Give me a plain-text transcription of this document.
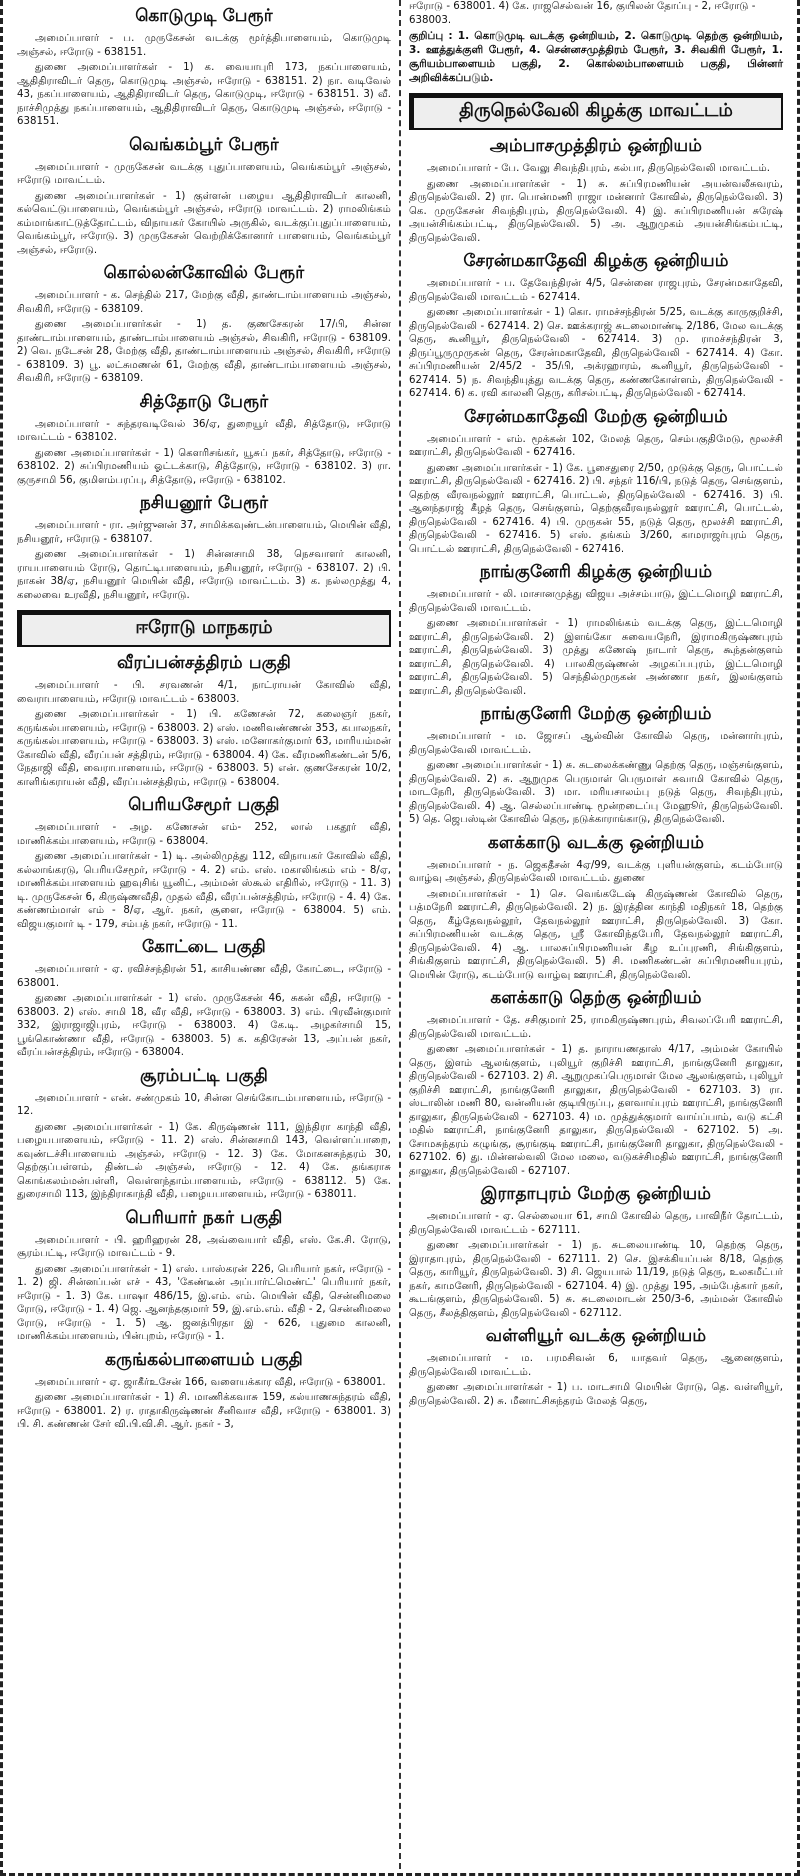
கொடுமுடி பேரூர்

அமைப்பாளர் - ப. முருகேசன் வடக்கு மூர்த்திபாளையம், கொடுமுடி அஞ்சல், ஈரோடு - 638151.

துணை அமைப்பாளர்கள் - 1) க. வையாபுரி 173, நகப்பாளையம், ஆதிதிராவிடர் தெரு, கொடுமுடி அஞ்சல், ஈரோடு - 638151. 2) நா. வடிவேல் 43, நகப்பாளையம், ஆதிதிராவிடர் தெரு, கொடுமுடி, ஈரோடு - 638151. 3) வீ. நாச்சிமுத்து நகப்பாளையம், ஆதிதிராவிடர் தெரு, கொடுமுடி அஞ்சல், ஈரோடு - 638151.

வெங்கம்பூர் பேரூர்

அமைப்பாளர் - முருகேசன் வடக்கு புதுப்பாளையம், வெங்கம்பூர் அஞ்சல், ஈரோடு மாவட்டம்.

துணை அமைப்பாளர்கள் - 1) குள்ளன் பழைய ஆதிதிராவிடர் காலனி, கல்வெட்டுபாளையம், வெங்கம்பூர் அஞ்சல், ஈரோடு மாவட்டம். 2) ராமலிங்கம் கம்மாங்காட்டுத்தோட்டம், விநாயகர் கோயில் அருகில், வடக்குப்புதுப்பாளையம், வெங்கம்பூர், ஈரோடு. 3) முருகேசன் வெற்றிக்கோனார் பாளையம், வெங்கம்பூர் அஞ்சல், ஈரோடு.

கொல்லன்கோவில் பேரூர்

அமைப்பாளர் - க. செந்தில் 217, மேற்கு வீதி, தாண்டாம்பாளையம் அஞ்சல், சிவகிரி, ஈரோடு - 638109.

துணை அமைப்பாளர்கள் - 1) த. குணசேகரன் 17/பி, சின்ன தாண்டாம்பாளையம், தாண்டாம்பாளையம் அஞ்சல், சிவகிரி, ஈரோடு - 638109. 2) வெ. நடேசன் 28, மேற்கு வீதி, தாண்டாம்பாளையம் அஞ்சல், சிவகிரி, ஈரோடு - 638109. 3) பூ. லட்சுமணன் 61, மேற்கு வீதி, தாண்டாம்பாளையம் அஞ்சல், சிவகிரி, ஈரோடு - 638109.

சித்தோடு பேரூர்

அமைப்பாளர் - சுந்தரவடிவேல் 36/ஏ, துறையூர் வீதி, சித்தோடு, ஈரோடு மாவட்டம் - 638102.

துணை அமைப்பாளர்கள் - 1) கௌரிசங்கர், யூசுப் நகர், சித்தோடு, ஈரோடு - 638102. 2) சுப்பிரமணியம் ஓட்டக்காடு, சித்தோடு, ஈரோடு - 638102. 3) ரா. குருசாமி 56, குமிளம்பரப்பு, சித்தோடு, ஈரோடு - 638102.

நசியனூர் பேரூர்

அமைப்பாளர் - ரா. அர்ஜுனன் 37, சாமிக்கவுண்டன்பாளையம், மெயின் வீதி, நசியனூர், ஈரோடு - 638107.

துணை அமைப்பாளர்கள் - 1) சின்னசாமி 38, நெசவாளர் காலனி, ராயபாளையம் ரோடு, தொட்டிபாளையம், நசியனூர், ஈரோடு - 638107. 2) பி. நாகன் 38/ஏ, நசியனூர் மெயின் வீதி, ஈரோடு மாவட்டம். 3) க. நல்லமுத்து 4, கலைவை உரவீதி, நசியனூர், ஈரோடு.

ஈரோடு மாநகரம்
வீரப்பன்சத்திரம் பகுதி

அமைப்பாளர் - பி. சரவணன் 4/1, நாட்ராயன் கோவில் வீதி, வைராபாளையம், ஈரோடு மாவட்டம் - 638003.

துணை அமைப்பாளர்கள் - 1) பி. கணேசன் 72, கலைஞர் நகர், கருங்கல்பாளையம், ஈரோடு - 638003. 2) எஸ். மணிவண்ணன் 353, கபாலநகர், கருங்கல்பாளையம், ஈரோடு - 638003. 3) எஸ். மனோகர்குமார் 63, மாரியம்மன் கோவில் வீதி, வீரப்பன் சத்திரம், ஈரோடு - 638004. 4) கே. வீரமணிகண்டன் 5/6, நேதாஜி வீதி, வைராபாளையம், ஈரோடு - 638003. 5) என். குணசேகரன் 10/2, காளிங்கராயன் வீதி, வீரப்பன்சத்திரம், ஈரோடு - 638004.

பெரியசேமூர் பகுதி

அமைப்பாளர் - அழ. கணேசன் எம்- 252, லால் பகதூர் வீதி, மாணிக்கம்பாளையம், ஈரோடு - 638004.

துணை அமைப்பாளர்கள் - 1) டி. அல்லிமுத்து 112, விநாயகர் கோவில் வீதி, கல்லாங்கரடு, பெரியசேமூர், ஈரோடு - 4. 2) எம். எஸ். மகாலிங்கம் எம் - 8/ஏ, மாணிக்கம்பாளையம் ஹவுசிங் யூனிட், அம்மன் ஸ்கூல் எதிரில், ஈரோடு - 11. 3) டி. முருகேசன் 6, கிருஷ்ணவீதி, முதல் வீதி, வீரப்பன்சத்திரம், ஈரோடு - 4. 4) கே. கண்ணம்மாள் எம் - 8/ஏ, ஆர். நகர், சூளை, ஈரோடு - 638004. 5) எம். விஜயகுமார் டி - 179, சம்பத் நகர், ஈரோடு - 11.

கோட்டை பகுதி

அமைப்பாளர் - ஏ. ரவிச்சந்திரன் 51, காசியண்ண வீதி, கோட்டை, ஈரோடு - 638001.

துணை அமைப்பாளர்கள் - 1) எஸ். முருகேசன் 46, சுகன் வீதி, ஈரோடு - 638003. 2) எஸ். சாமி 18, வீர வீதி, ஈரோடு - 638003. 3) எம். பிரவீன்குமார் 332, இராஜாஜிபுரம், ஈரோடு - 638003. 4) கே.டி. அழகர்சாமி 15, பூங்கொண்ணா வீதி, ஈரோடு - 638003. 5) க. கதிரேசன் 13, அப்பன் நகர், வீரப்பன்சத்திரம், ஈரோடு - 638004.

சூரம்பட்டி பகுதி

அமைப்பாளர் - என். சண்முகம் 10, சின்ன செங்கோடம்பாளையம், ஈரோடு - 12.

துணை அமைப்பாளர்கள் - 1) கே. கிருஷ்ணன் 111, இந்திரா காந்தி வீதி, பழையபாளையம், ஈரோடு - 11. 2) எஸ். சின்னசாமி 143, வெள்ளப்பாறை, கவுண்டச்சிபாளையம் அஞ்சல், ஈரோடு - 12. 3) கே. மோகனசுந்தரம் 30, தெற்குப்பள்ளம், திண்டல் அஞ்சல், ஈரோடு - 12. 4) கே. தங்கராசு கொங்கலம்மன்பள்ளி, வெள்ளந்தாம்பாளையம், ஈரோடு - 638112. 5) கே. துரைசாமி 113, இந்திராகாந்தி வீதி, பழையபாளையம், ஈரோடு - 638011.

பெரியார் நகர் பகுதி

அமைப்பாளர் - பி. ஹரிஹரன் 28, அவ்வையார் வீதி, எஸ். கே.சி. ரோடு, சூரம்பட்டி, ஈரோடு மாவட்டம் - 9.

துணை அமைப்பாளர்கள் - 1) எஸ். பாஸ்கரன் 226, பெரியார் நகர், ஈரோடு - 1. 2) ஜி. சின்னப்பன் எச் - 43, 'கேண்டீன் அப்பார்ட்மெண்ட்' பெரியார் நகர், ஈரோடு - 1. 3) கே. பாஷா 486/15, இ.எம். எம். மெயின் வீதி, சென்னிமலை ரோடு, ஈரோடு - 1. 4) ஜெ. ஆனந்தகுமார் 59, இ.எம்.எம். வீதி - 2, சென்னிமலை ரோடு, ஈரோடு - 1. 5) ஆ. ஜனத்பிரதா இ - 626, புதுமை காலனி, மாணிக்கம்பாளையம், பின்புறம், ஈரோடு - 1.

கருங்கல்பாளையம் பகுதி

அமைப்பாளர் - ஏ. ஜாகீர்உசேன் 166, வளையக்கார வீதி, ஈரோடு - 638001.

துணை அமைப்பாளர்கள் - 1) சி. மாணிக்கவாசு 159, கல்யாணசுந்தரம் வீதி, ஈரோடு - 638001. 2) ர. ராதாகிருஷ்ணன் சீனிவாச வீதி, ஈரோடு - 638001. 3) பி. சி. கண்ணன் சேர் வி.பி.வி.சி. ஆர். நகர் - 3,

ஈரோடு - 638001. 4) கே. ராஜசெல்வன் 16, குயிலன் தோப்பு - 2, ஈரோடு - 638003.

குறிப்பு : 1. கொடுமுடி வடக்கு ஒன்றியம், 2. கொடுமுடி தெற்கு ஒன்றியம், 3. ஊத்துக்குளி பேரூர், 4. சென்னசமுத்திரம் பேரூர், 3. சிவகிரி பேரூர், 1. சூரியம்பாளையம் பகுதி, 2. கொல்லம்பாளையம் பகுதி, பின்னர் அறிவிக்கப்படும்.

திருநெல்வேலி கிழக்கு மாவட்டம்
அம்பாசமுத்திரம் ஒன்றியம்

அமைப்பாளர் - பே. வேலு சிவந்திபுரம், கல்பா, திருநெல்வேலி மாவட்டம்.

துணை அமைப்பாளர்கள் - 1) சு. சுப்பிரமணியன் அயன்வலீசுவரம், திருநெல்வேலி. 2) ரா. பொன்மணி ராஜா மன்னார் கோவில், திருநெல்வேலி. 3) கெ. முருகேசன் சிவந்திபுரம், திருநெல்வேலி. 4) இ. சுப்பிரமணியன் சுரேஷ் அயன்சிங்கம்பட்டி, திருநெல்வேலி. 5) அ. ஆறுமுகம் அயன்சிங்கம்பட்டி, திருநெல்வேலி.

சேரன்மகாதேவி கிழக்கு ஒன்றியம்

அமைப்பாளர் - ப. தேவேந்திரன் 4/5, சென்னை ராஜபுரம், சேரன்மகாதேவி, திருநெல்வேலி மாவட்டம் - 627414.

துணை அமைப்பாளர்கள் - 1) கொ. ராமச்சந்திரன் 5/25, வடக்கு காருகுறிச்சி, திருநெல்வேலி - 627414. 2) செ. ஊக்கராஜ் சுடலைமாண்டி 2/186, மேல வடக்கு தெரு, கூனியூர், திருநெல்வேலி - 627414. 3) மு. ராமச்சந்திரன் 3, திருப்பூருமுருகன் தெரு, சேரன்மகாதேவி, திருநெல்வேலி - 627414. 4) கோ. சுப்பிரமணியன் 2/45/2 - 35/பி, அக்ரஹாரம், கூனியூர், திருநெல்வேலி - 627414. 5) ந. சிவந்தியுத்து வடக்கு தெரு, கண்ணகோள்ளம், திருநெல்வேலி - 627414. 6) க. ரவி காலனி தெரு, கரிசல்பட்டி, திருநெல்வேலி - 627414.

சேரன்மகாதேவி மேற்கு ஒன்றியம்

அமைப்பாளர் - எம். மூக்கன் 102, மேலத் தெரு, செம்பகுதிமேடு, மூலச்சி ஊராட்சி, திருநெல்வேலி - 627416.

துணை அமைப்பாளர்கள் - 1) கே. பூசைதுரை 2/50, முடுக்கு தெரு, பொட்டல் ஊராட்சி, திருநெல்வேலி - 627416. 2) பி. சந்தர் 116/பி, நடுத் தெரு, செங்குளம், தெற்கு வீரவநல்லூர் ஊராட்சி, பொட்டல், திருநெல்வேலி - 627416. 3) பி. ஆனந்தராஜ் கீழத் தெரு, செங்குளம், தெற்குவீரவநல்லூர் ஊராட்சி, பொட்டல், திருநெல்வேலி - 627416. 4) பி. முருகன் 55, நடுத் தெரு, மூலச்சி ஊராட்சி, திருநெல்வேலி - 627416. 5) எஸ். தங்கம் 3/260, காமராஜர்புரம் தெரு, பொட்டல் ஊராட்சி, திருநெல்வேலி - 627416.

நாங்குனேரி கிழக்கு ஒன்றியம்

அமைப்பாளர் - லி. மாசானமுத்து விஜய அச்சம்பாடு, இட்டமொழி ஊராட்சி, திருநெல்வேலி மாவட்டம்.

துணை அமைப்பாளர்கள் - 1) ராமலிங்கம் வடக்கு தெரு, இட்டமொழி ஊராட்சி, திருநெல்வேலி. 2) இளங்கோ சுவையநேரி, இராமகிருஷ்ணபுரம் ஊராட்சி, திருநெல்வேலி. 3) முத்து கணேஷ் நாடார் தெரு, கூந்தன்குளம் ஊராட்சி, திருநெல்வேலி. 4) பாலகிருஷ்ணன் அழகப்பபுரம், இட்டமொழி ஊராட்சி, திருநெல்வேலி. 5) செந்தில்முருகன் அண்ணா நகர், இலங்குளம் ஊராட்சி, திருநெல்வேலி.

நாங்குனேரி மேற்கு ஒன்றியம்

அமைப்பாளர் - ம. ஜோசப் ஆல்வின் கோவில் தெரு, மன்னார்புரம், திருநெல்வேலி மாவட்டம்.

துணை அமைப்பாளர்கள் - 1) சு. சுடலைக்கண்ணு தெற்கு தெரு, மஞ்சங்குளம், திருநெல்வேலி. 2) சு. ஆறுமுக பெருமாள் பெருமாள் சுவாமி கோவில் தெரு, மாடநேரி, திருநெல்வேலி. 3) மா. மரியசாலம்பு நடுத் தெரு, சிவந்திபுரம், திருநெல்வேலி. 4) ஆ. செல்லப்பாண்டி மூன்றடைப்பு மேஹூர், திருநெல்வேலி. 5) தெ. ஜெபஸ்டின் கோவில் தெரு, நடுக்காராங்காடு, திருநெல்வேலி.

களக்காடு வடக்கு ஒன்றியம்

அமைப்பாளர் - ந. ஜெகதீசன் 4ஏ/99, வடக்கு புளியன்குளம், கடம்போடு வாழ்வு அஞ்சல், திருநெல்வேலி மாவட்டம். துணை

அமைப்பாளர்கள் - 1) செ. வெங்கடேஷ் கிருஷ்ணன் கோவில் தெரு, பத்மநேரி ஊராட்சி, திருநெல்வேலி. 2) ந. இரத்தின காந்தி மதிநகர் 18, தெற்கு தெரு, கீழ்தேவநல்லூர், தேவநல்லூர் ஊராட்சி, திருநெல்வேலி. 3) கோ. சுப்பிரமணியன் வடக்கு தெரு, ஸ்ரீ கோவிந்தபேரி, தேவநல்லூர் ஊராட்சி, திருநெல்வேலி. 4) ஆ. பாலசுப்பிரமணியன் கீழ உப்புரணி, சிங்கிகுளம், சிங்கிகுளம் ஊராட்சி, திருநெல்வேலி. 5) சி. மணிகண்டன் சுப்பிரமணியபுரம், மெயின் ரோடு, கடம்போடு வாழ்வு ஊராட்சி, திருநெல்வேலி.

களக்காடு தெற்கு ஒன்றியம்

அமைப்பாளர் - தே. சசிகுமார் 25, ராமகிருஷ்ணபுரம், சிவலப்பேரி ஊராட்சி, திருநெல்வேலி மாவட்டம்.

துணை அமைப்பாளர்கள் - 1) த. நாராயணதாஸ் 4/17, அம்மன் கோயில் தெரு, இளம் ஆலங்குளம், புலியூர் குறிச்சி ஊராட்சி, நாங்குனேரி தாலுகா, திருநெல்வேலி - 627103. 2) சி. ஆறுமுகப்பெருமாள் மேல ஆலங்குளம், புலியூர் குறிச்சி ஊராட்சி, நாங்குனேரி தாலுகா, திருநெல்வேலி - 627103. 3) ரா. ஸ்டாலின் மணி 80, வன்னியன் குடியிருப்பு, தளவாய்புரம் ஊராட்சி, நாங்குனேரி தாலுகா, திருநெல்வேலி - 627103. 4) ம. முத்துக்குமார் வாய்ப்பாம், வடு கட்சி மதில் ஊராட்சி, நாங்குனேரி தாலுகா, திருநெல்வேலி - 627102. 5) அ. சோமசுந்தரம் கழுங்கு, சூரங்குடி ஊராட்சி, நாங்குனேரி தாலுகா, திருநெல்வேலி - 627102. 6) து. மின்னல்வலி மேல மலை, வடுகச்சிமதில் ஊராட்சி, நாங்குனேரி தாலுகா, திருநெல்வேலி - 627107.

இராதாபுரம் மேற்கு ஒன்றியம்

அமைப்பாளர் - ஏ. செல்லையா 61, சாமி கோவில் தெரு, பாவிநீர் தோட்டம், திருநெல்வேலி மாவட்டம் - 627111.

துணை அமைப்பாளர்கள் - 1) ந. சுடலையாண்டி 10, தெற்கு தெரு, இராதாபுரம், திருநெல்வேலி - 627111. 2) செ. இசக்கியப்பன் 8/18, தெற்கு தெரு, காரியூர், திருநெல்வேலி. 3) சி. ஜெயபால் 11/19, நடுத் தெரு, உலகமீட்பர் நகர், காமனேரி, திருநெல்வேலி - 627104. 4) இ. முத்து 195, அம்பேத்கார் நகர், கூடங்குளம், திருநெல்வேலி. 5) சு. சுடலைமாடன் 250/3-6, அம்மன் கோவில் தெரு, சீலத்திகுளம், திருநெல்வேலி - 627112.

வள்ளியூர் வடக்கு ஒன்றியம்

அமைப்பாளர் - ம. பரமசிவன் 6, யாதவர் தெரு, ஆனைகுளம், திருநெல்வேலி மாவட்டம்.

துணை அமைப்பாளர்கள் - 1) ப. மாடசாமி மெயின் ரோடு, தெ. வள்ளியூர், திருநெல்வேலி. 2) சு. மீனாட்சிசுந்தரம் மேலத் தெரு,
